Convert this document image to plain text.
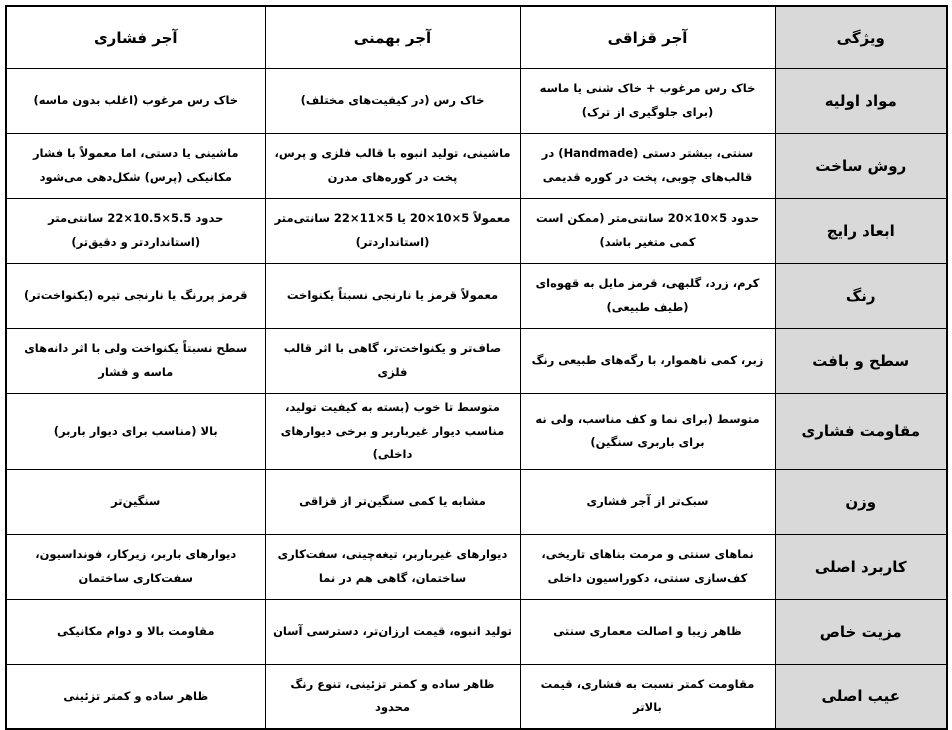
ویژگی	آجر قزاقی	آجر بهمنی	آجر فشاری
مواد اولیه	خاک رس مرغوب + خاک شنی یا ماسه (برای جلوگیری از ترک)	خاک رس (در کیفیت‌های مختلف)	خاک رس مرغوب (اغلب بدون ماسه)
روش ساخت	سنتی، بیشتر دستی (Handmade) در قالب‌های چوبی، پخت در کوره قدیمی	ماشینی، تولید انبوه با قالب فلزی و پرس، پخت در کوره‌های مدرن	ماشینی یا دستی، اما معمولاً با فشار مکانیکی (پرس) شکل‌دهی می‌شود
ابعاد رایج	حدود 5×10×20 سانتی‌متر (ممکن است کمی متغیر باشد)	معمولاً 5×10×20 یا 5×11×22 سانتی‌متر (استانداردتر)	حدود 5.5×10.5×22 سانتی‌متر (استانداردتر و دقیق‌تر)
رنگ	کرم، زرد، گلبهی، قرمز مایل به قهوه‌ای (طیف طبیعی)	معمولاً قرمز یا نارنجی نسبتاً یکنواخت	قرمز پررنگ یا نارنجی تیره (یکنواخت‌تر)
سطح و بافت	زبر، کمی ناهموار، با رگه‌های طبیعی رنگ	صاف‌تر و یکنواخت‌تر، گاهی با اثر قالب فلزی	سطح نسبتاً یکنواخت ولی با اثر دانه‌های ماسه و فشار
مقاومت فشاری	متوسط (برای نما و کف مناسب، ولی نه برای باربری سنگین)	متوسط تا خوب (بسته به کیفیت تولید، مناسب دیوار غیرباربر و برخی دیوارهای داخلی)	بالا (مناسب برای دیوار باربر)
وزن	سبک‌تر از آجر فشاری	مشابه یا کمی سنگین‌تر از قزاقی	سنگین‌تر
کاربرد اصلی	نماهای سنتی و مرمت بناهای تاریخی، کف‌سازی سنتی، دکوراسیون داخلی	دیوارهای غیرباربر، تیغه‌چینی، سفت‌کاری ساختمان، گاهی هم در نما	دیوارهای باربر، زیرکار، فونداسیون، سفت‌کاری ساختمان
مزیت خاص	ظاهر زیبا و اصالت معماری سنتی	تولید انبوه، قیمت ارزان‌تر، دسترسی آسان	مقاومت بالا و دوام مکانیکی
عیب اصلی	مقاومت کمتر نسبت به فشاری، قیمت بالاتر	ظاهر ساده و کمتر تزئینی، تنوع رنگ محدود	ظاهر ساده و کمتر تزئینی
